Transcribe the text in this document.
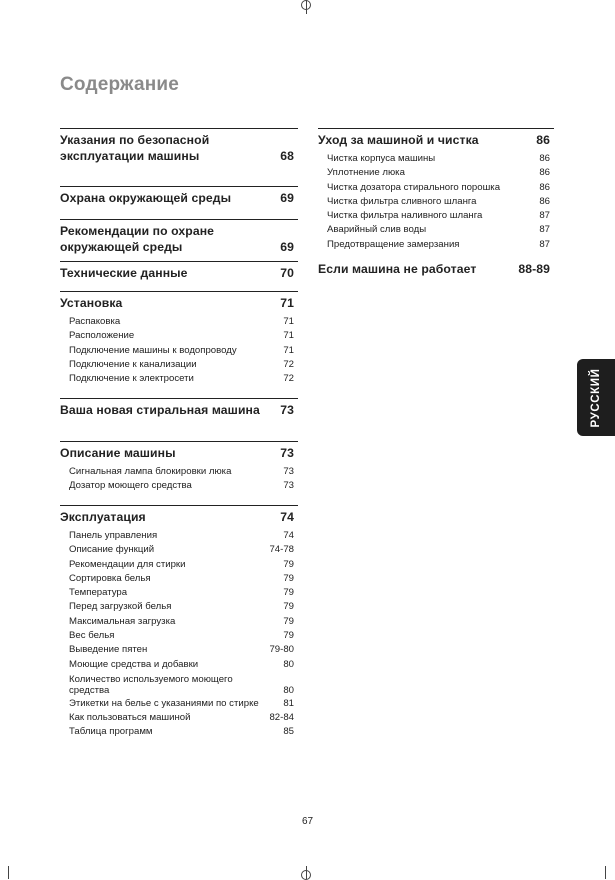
Содержание
Указания по безопасной эксплуатации машины	68
Охрана окружающей среды	69
Рекомендации по охране окружающей среды	69
Технические данные	70
Установка	71
Распаковка	71
Расположение	71
Подключение машины к водопроводу	71
Подключение к канализации	72
Подключение к электросети	72
Ваша новая стиральная машина 73
Описание машины	73
Сигнальная лампа блокировки люка	73
Дозатор моющего средства	73
Эксплуатация	74
Панель управления	74
Описание функций	74-78
Рекомендации для стирки	79
Сортировка белья	79
Температура	79
Перед загрузкой белья	79
Максимальная загрузка	79
Вес белья	79
Выведение пятен	79-80
Моющие средства и добавки	80
Количество используемого моющего средства	80
Этикетки на белье с указаниями по стирке	81
Как пользоваться машиной	82-84
Таблица программ	85
Уход за машиной и чистка	86
Чистка корпуса машины	86
Уплотнение люка	86
Чистка дозатора стирального порошка	86
Чистка фильтра сливного шланга	86
Чистка фильтра наливного шланга	87
Аварийный слив воды	87
Предотвращение замерзания	87
Если машина не работает	88-89
РУССКИЙ
67
